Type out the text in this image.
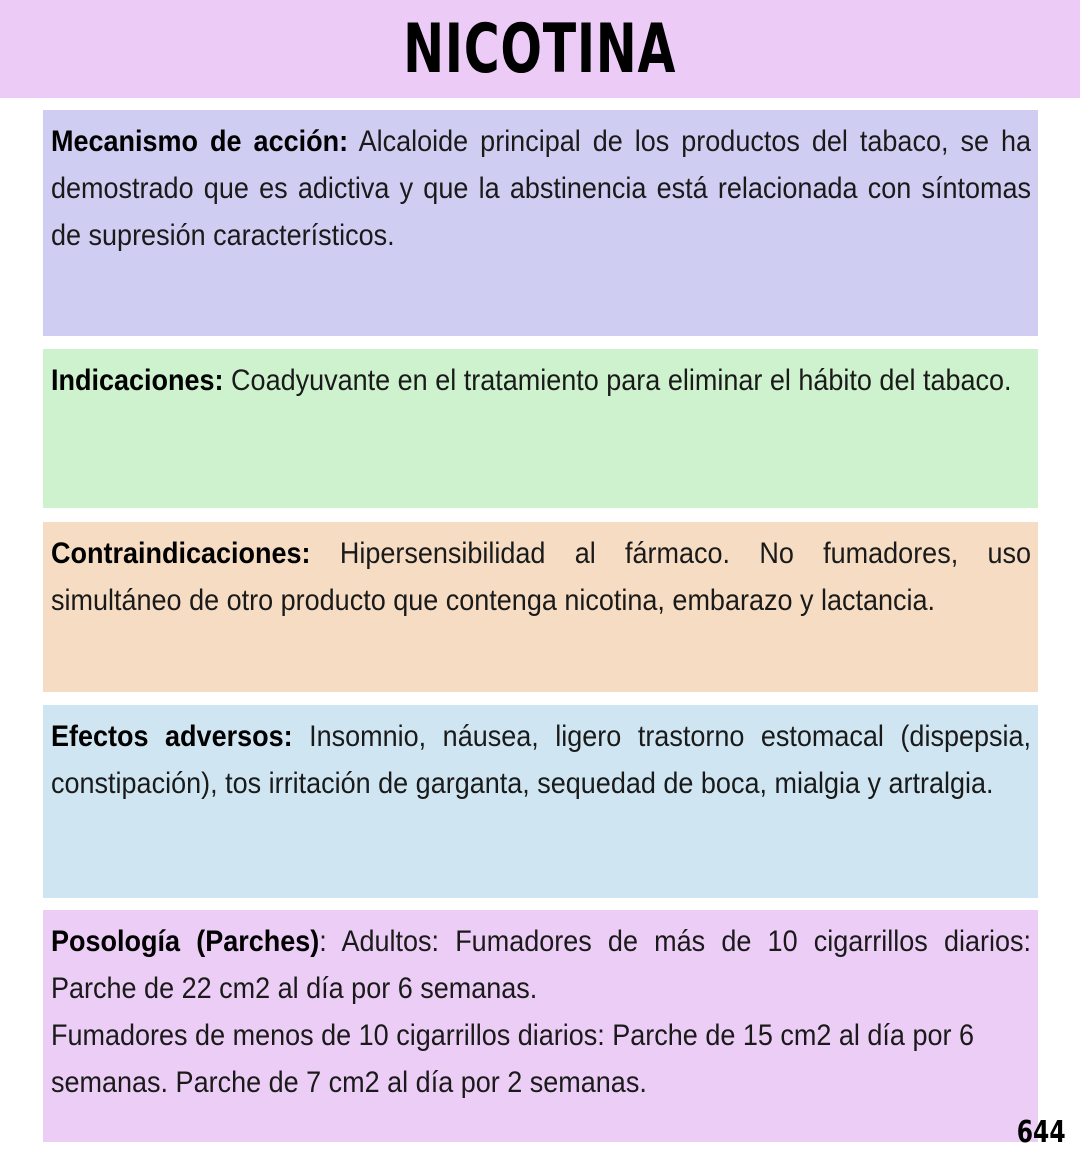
NICOTINA

Mecanismo de acción: Alcaloide principal de los productos del tabaco, se ha demostrado que es adictiva y que la abstinencia está relacionada con síntomas de supresión característicos.

Indicaciones: Coadyuvante en el tratamiento para eliminar el hábito del tabaco.

Contraindicaciones: Hipersensibilidad al fármaco. No fumadores, uso simultáneo de otro producto que contenga nicotina, embarazo y lactancia.

Efectos adversos: Insomnio, náusea, ligero trastorno estomacal (dispepsia, constipación), tos irritación de garganta, sequedad de boca, mialgia y artralgia.

Posología (Parches): Adultos: Fumadores de más de 10 cigarrillos diarios: Parche de 22 cm2 al día por 6 semanas.

Fumadores de menos de 10 cigarrillos diarios: Parche de 15 cm2 al día por 6 semanas. Parche de 7 cm2 al día por 2 semanas.

644
